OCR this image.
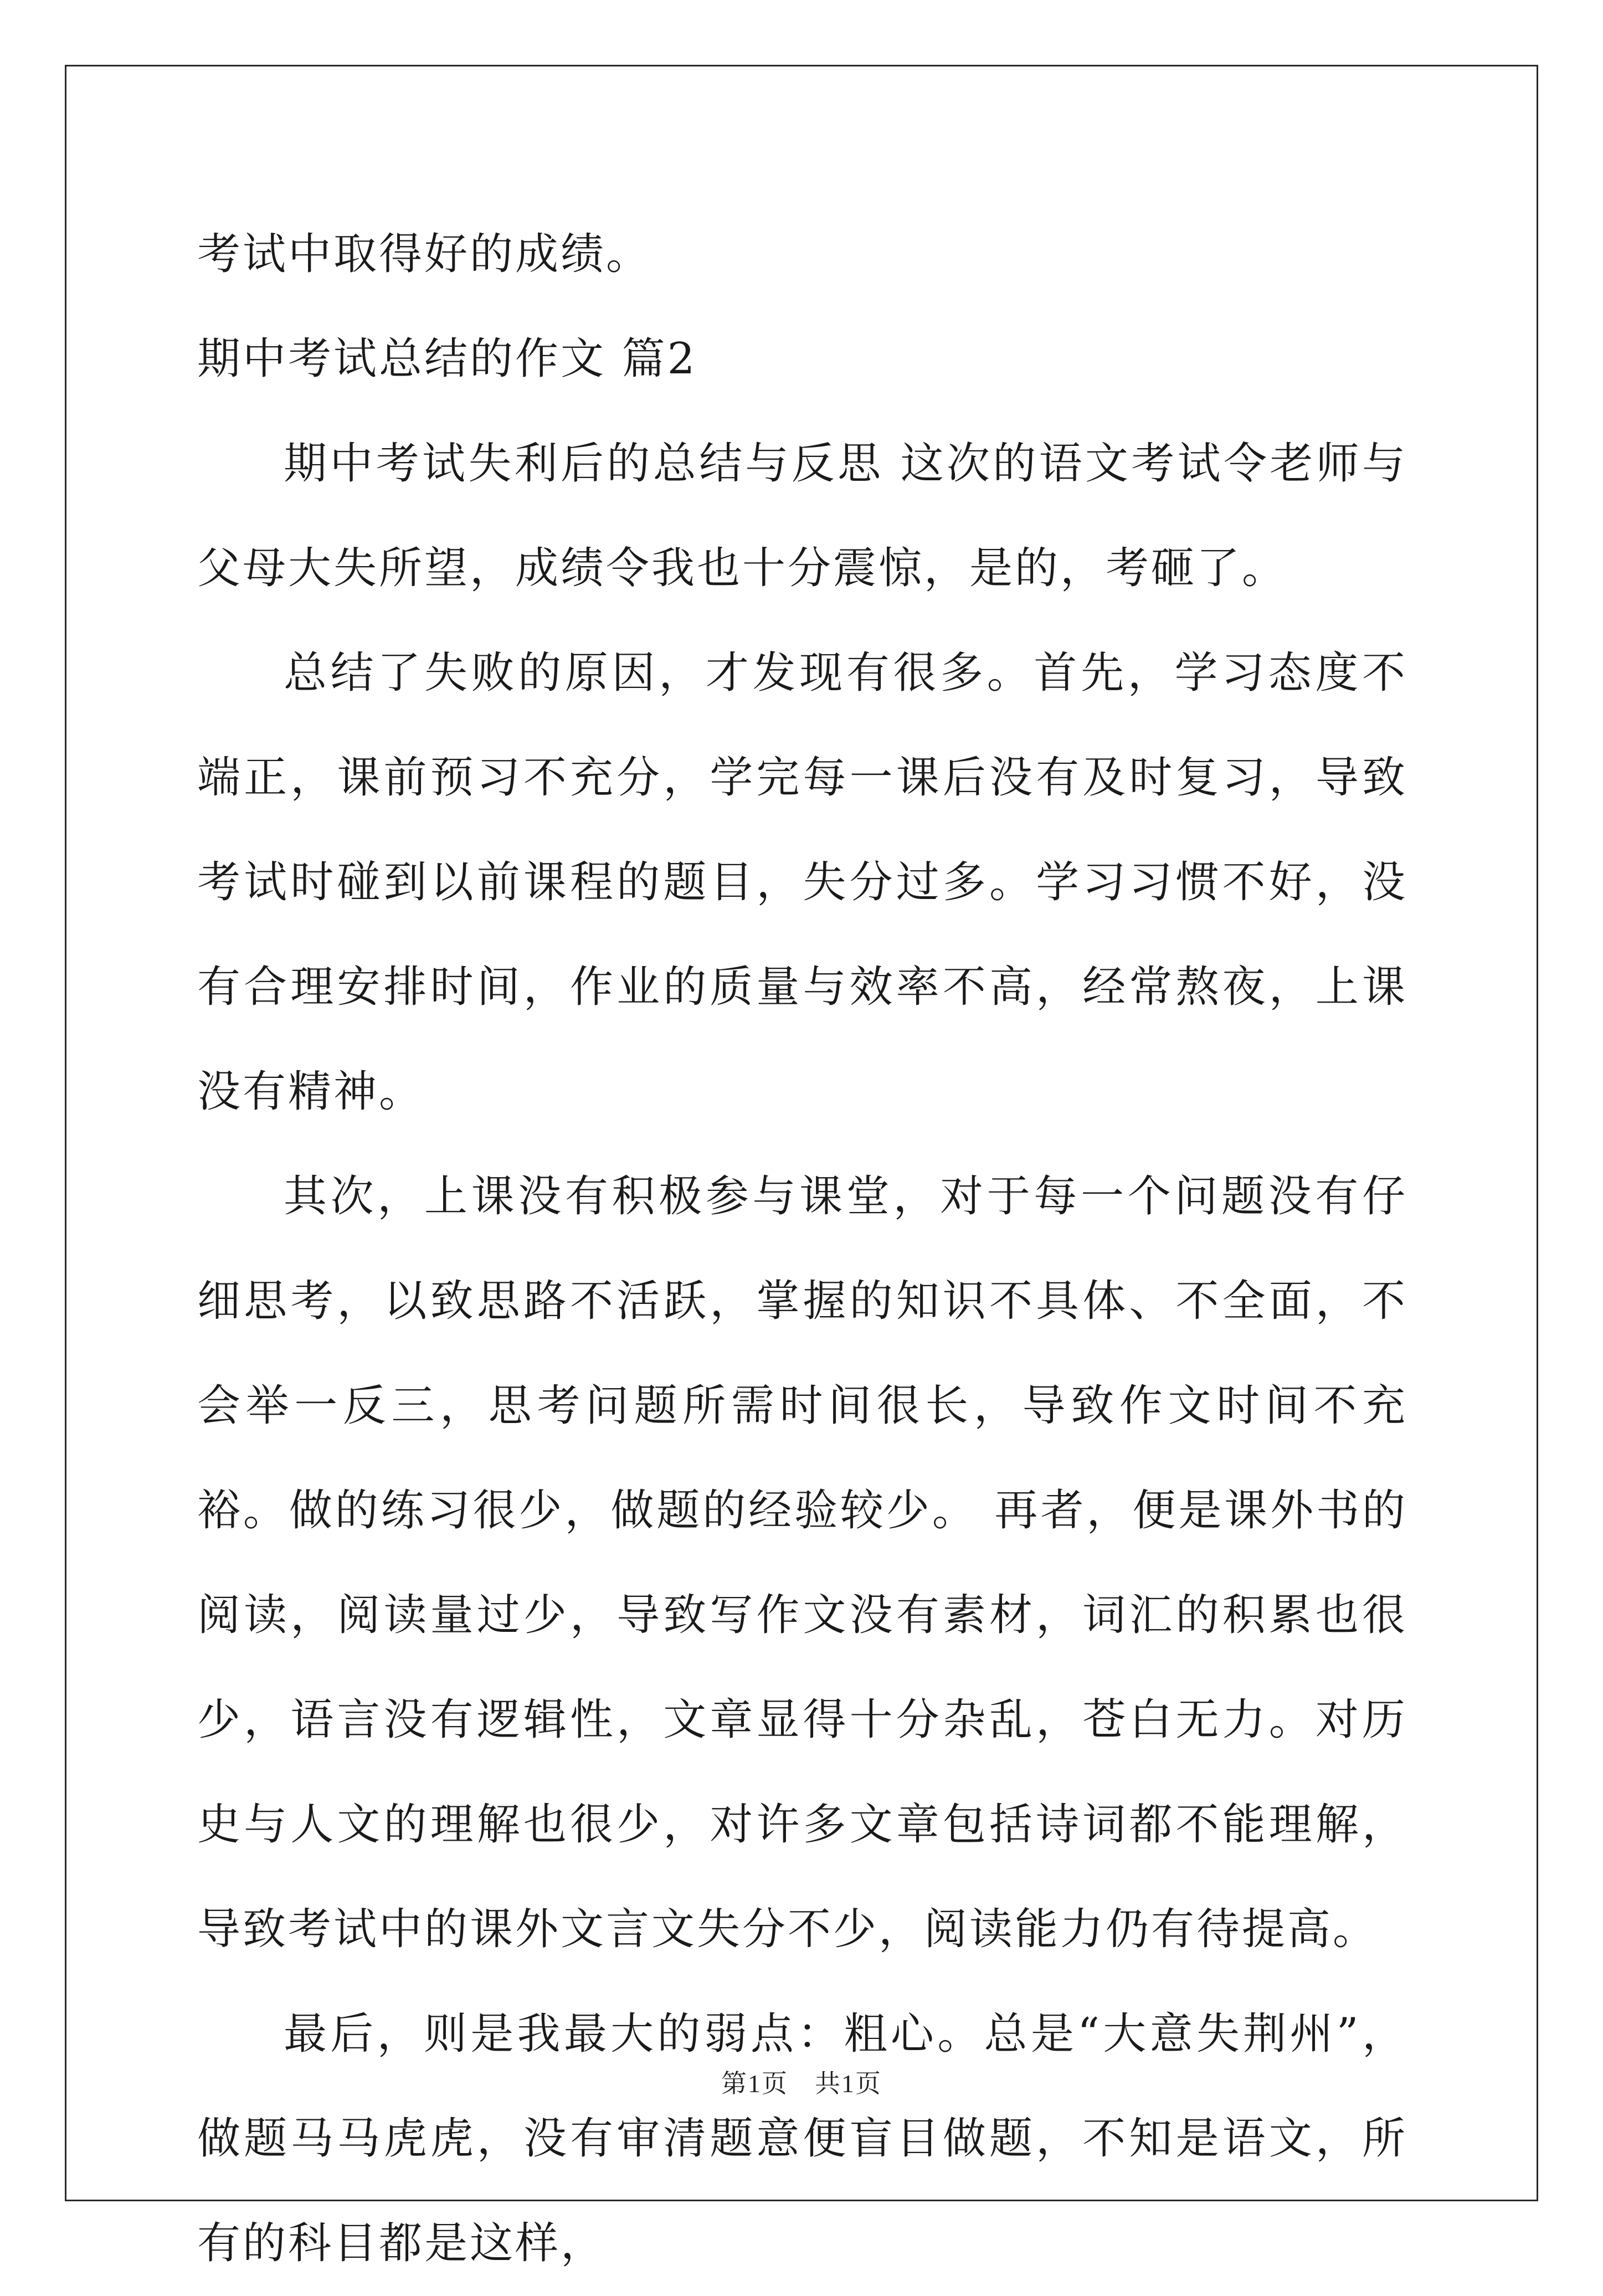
考试中取得好的成绩。

期中考试总结的作文 篇2

期中考试失利后的总结与反思 这次的语文考试令老师与父母大失所望，成绩令我也十分震惊，是的，考砸了。

总结了失败的原因，才发现有很多。首先，学习态度不端正，课前预习不充分，学完每一课后没有及时复习，导致考试时碰到以前课程的题目，失分过多。学习习惯不好，没有合理安排时间，作业的质量与效率不高，经常熬夜，上课没有精神。

其次，上课没有积极参与课堂，对于每一个问题没有仔细思考，以致思路不活跃，掌握的知识不具体、不全面，不会举一反三，思考问题所需时间很长，导致作文时间不充裕。做的练习很少，做题的经验较少。 再者，便是课外书的阅读，阅读量过少，导致写作文没有素材，词汇的积累也很少，语言没有逻辑性，文章显得十分杂乱，苍白无力。对历史与人文的理解也很少，对许多文章包括诗词都不能理解，导致考试中的课外文言文失分不少，阅读能力仍有待提高。

最后，则是我最大的弱点：粗心。总是“大意失荆州”，做题马马虎虎，没有审清题意便盲目做题，不知是语文，所有的科目都是这样，

第1页　共1页
